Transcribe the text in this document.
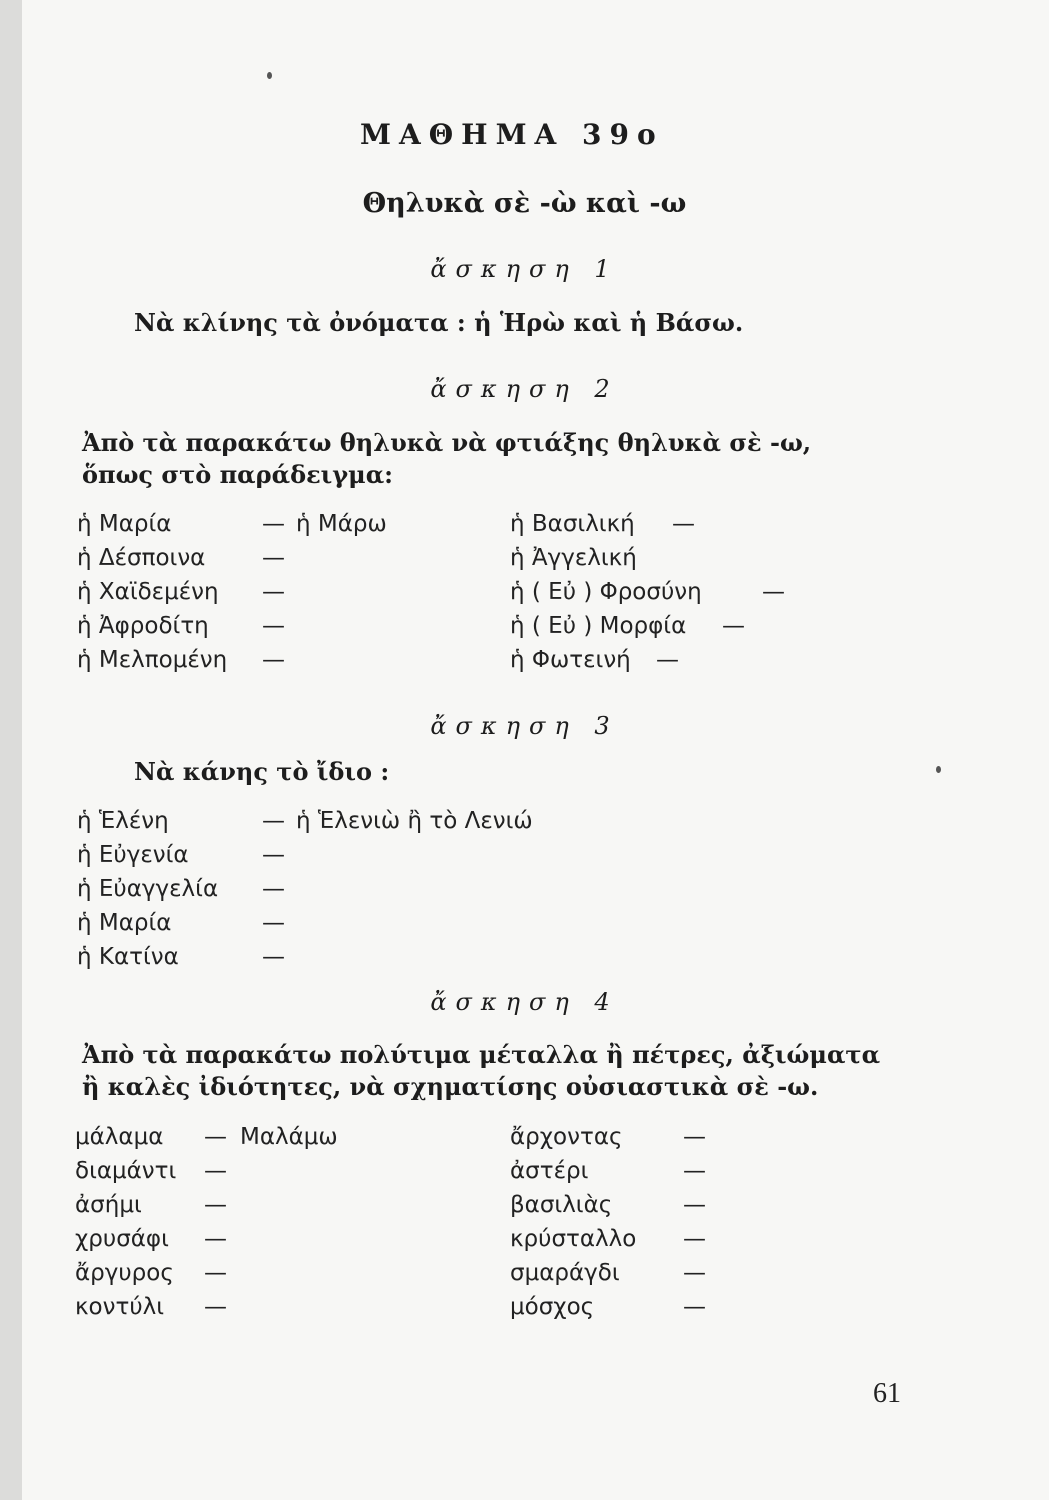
ΜΑΘΗΜΑ 39ο
Θηλυκὰ σὲ -ὼ καὶ -ω
ἄσκηση 1
Νὰ κλίνης τὰ ὀνόματα : ἡ Ἡρὼ καὶ ἡ Βάσω.
ἄσκηση 2
Ἀπὸ τὰ παρακάτω θηλυκὰ νὰ φτιάξης θηλυκὰ σὲ -ω,
ὅπως στὸ παράδειγμα:
ἡ Μαρία
ἡ Δέσποινα
ἡ Χαϊδεμένη
ἡ Ἀφροδίτη
ἡ Μελπομένη
— ἡ Μάρω
—
—
—
—
ἡ Βασιλική
ἡ Ἀγγελική
ἡ ( Εὐ ) Φροσύνη
ἡ ( Εὐ ) Μορφία
ἡ Φωτεινή
—
—
—
—
ἄσκηση 3
Νὰ κάνης τὸ ἴδιο :
ἡ Ἑλένη
ἡ Εὐγενία
ἡ Εὐαγγελία
ἡ Μαρία
ἡ Κατίνα
— ἡ Ἑλενιὼ ἢ τὸ Λενιώ
—
—
—
—
ἄσκηση 4
Ἀπὸ τὰ παρακάτω πολύτιμα μέταλλα ἢ πέτρες, ἀξιώματα
ἢ καλὲς ἰδιότητες, νὰ σχηματίσης οὐσιαστικὰ σὲ -ω.
μάλαμα
διαμάντι
ἀσήμι
χρυσάφι
ἄργυρος
κοντύλι
— Μαλάμω
—
—
—
—
—
ἄρχοντας
ἀστέρι
βασιλιὰς
κρύσταλλο
σμαράγδι
μόσχος
—
—
—
—
—
—
61
